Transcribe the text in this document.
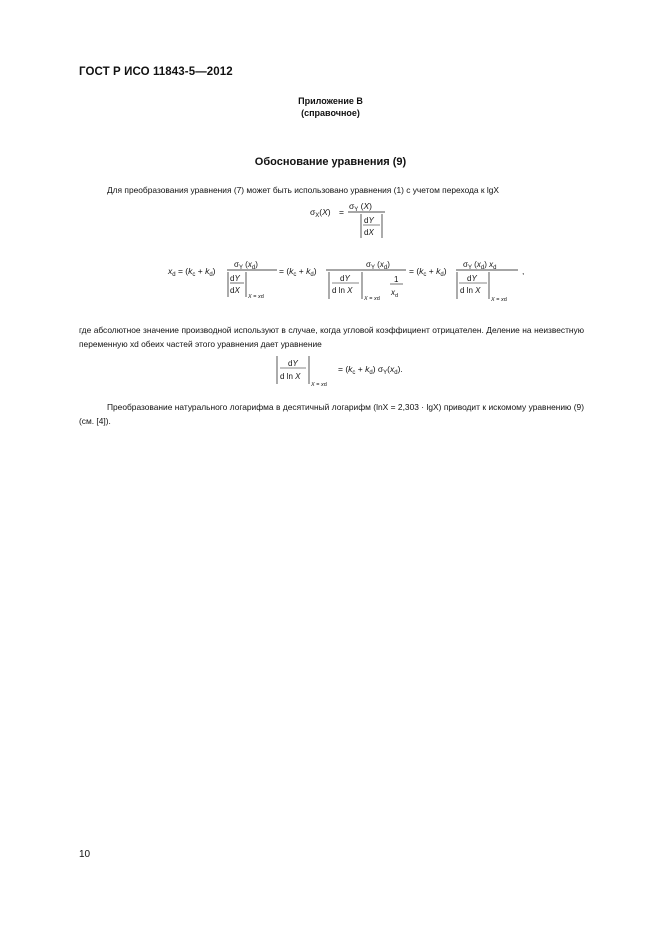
ГОСТ Р ИСО 11843-5—2012
Приложение В
(справочное)
Обоснование уравнения (9)
Для преобразования уравнения (7) может быть использовано уравнения (1) с учетом перехода к lgX
$\sigma_X(X)$ =
$\sigma_Y$ (X)
dY
dX
$x_d = (k_c + k_d)$
$\sigma_Y$ $(x_d)$
dY
dX
X = xd
= $(k_c + k_d)$
$\sigma_Y$ $(x_d)$
dY
d ln X
X = xd
1
$x_d$
= $(k_c + k_d)$
$\sigma_Y$ $(x_d)$ $x_d$
dY
d ln X
X = xd
,
где абсолютное значение производной используют в случае, когда угловой коэффициент отрицателен. Деление на неизвестную переменную xd обеих частей этого уравнения дает уравнение
dY
d ln X
X = xd
= $(k_c + k_d)$ $\sigma_Y(x_d)$.
Преобразование натурального логарифма в десятичный логарифм (lnX = 2,303 · lgX) приводит к искомому уравнению (9) (см. [4]).
10
